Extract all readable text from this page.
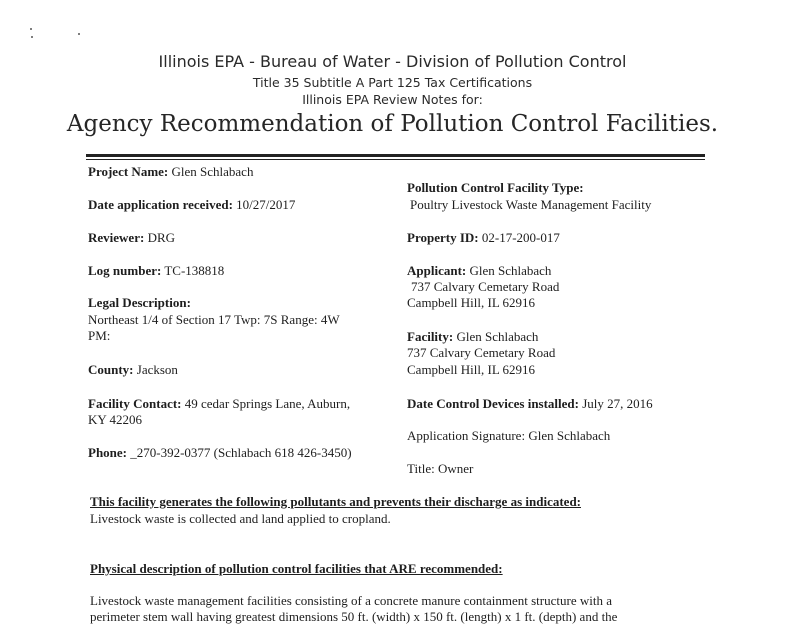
Illinois EPA - Bureau of Water - Division of Pollution Control
Title 35 Subtitle A Part 125 Tax Certifications
Illinois EPA Review Notes for:
Agency Recommendation of Pollution Control Facilities.
Project Name: Glen Schlabach
Date application received: 10/27/2017
Reviewer: DRG
Log number: TC-138818
Legal Description:
Northeast 1/4 of Section 17 Twp: 7S Range: 4W
PM:
County: Jackson
Facility Contact: 49 cedar Springs Lane, Auburn,
KY 42206
Phone: _270-392-0377 (Schlabach 618 426-3450)
Pollution Control Facility Type:
Poultry Livestock Waste Management Facility
Property ID: 02-17-200-017
Applicant: Glen Schlabach
737 Calvary Cemetary Road
Campbell Hill, IL 62916
Facility: Glen Schlabach
737 Calvary Cemetary Road
Campbell Hill, IL 62916
Date Control Devices installed: July 27, 2016
Application Signature: Glen Schlabach
Title: Owner
This facility generates the following pollutants and prevents their discharge as indicated:
Livestock waste is collected and land applied to cropland.
Physical description of pollution control facilities that ARE recommended:
Livestock waste management facilities consisting of a concrete manure containment structure with a
perimeter stem wall having greatest dimensions 50 ft. (width) x 150 ft. (length) x 1 ft. (depth) and the
